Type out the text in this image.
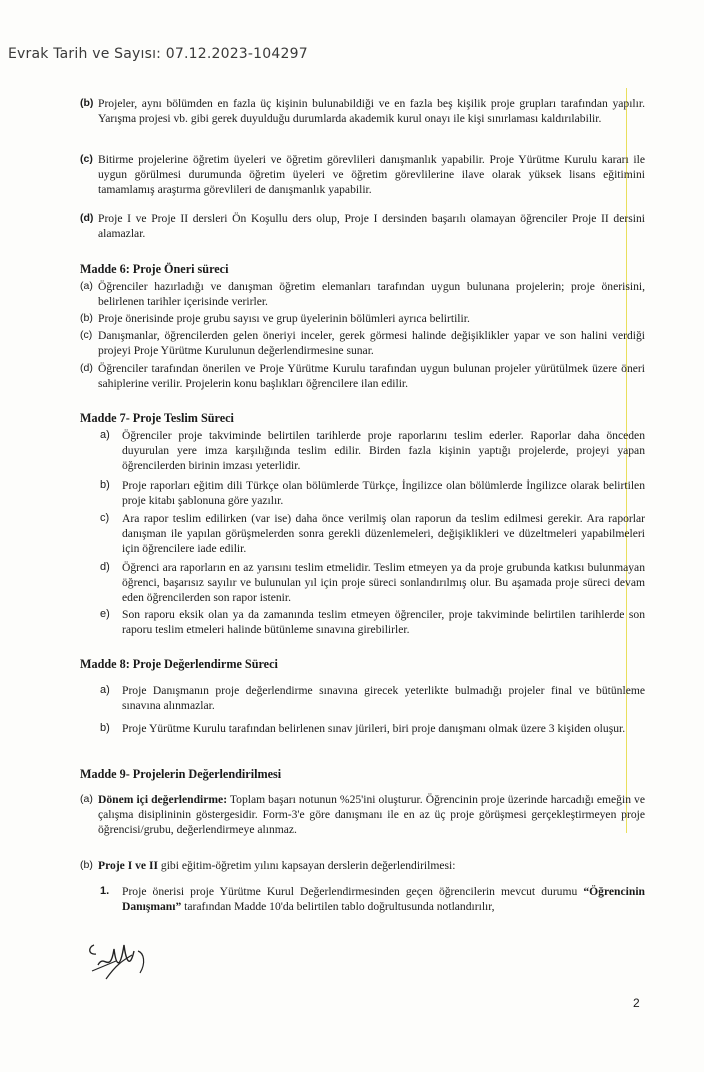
Evrak Tarih ve Sayısı: 07.12.2023-104297
(b) Projeler, aynı bölümden en fazla üç kişinin bulunabildiği ve en fazla beş kişilik proje grupları tarafından yapılır. Yarışma projesi vb. gibi gerek duyulduğu durumlarda akademik kurul onayı ile kişi sınırlaması kaldırılabilir.
(c) Bitirme projelerine öğretim üyeleri ve öğretim görevlileri danışmanlık yapabilir. Proje Yürütme Kurulu kararı ile uygun görülmesi durumunda öğretim üyeleri ve öğretim görevlilerine ilave olarak yüksek lisans eğitimini tamamlamış araştırma görevlileri de danışmanlık yapabilir.
(d) Proje I ve Proje II dersleri Ön Koşullu ders olup, Proje I dersinden başarılı olamayan öğrenciler Proje II dersini alamazlar.
Madde 6: Proje Öneri süreci
(a) Öğrenciler hazırladığı ve danışman öğretim elemanları tarafından uygun bulunana projelerin; proje önerisini, belirlenen tarihler içerisinde verirler.
(b) Proje önerisinde proje grubu sayısı ve grup üyelerinin bölümleri ayrıca belirtilir.
(c) Danışmanlar, öğrencilerden gelen öneriyi inceler, gerek görmesi halinde değişiklikler yapar ve son halini verdiği projeyi Proje Yürütme Kurulunun değerlendirmesine sunar.
(d) Öğrenciler tarafından önerilen ve Proje Yürütme Kurulu tarafından uygun bulunan projeler yürütülmek üzere öneri sahiplerine verilir. Projelerin konu başlıkları öğrencilere ilan edilir.
Madde 7- Proje Teslim Süreci
a) Öğrenciler proje takviminde belirtilen tarihlerde proje raporlarını teslim ederler. Raporlar daha önceden duyurulan yere imza karşılığında teslim edilir. Birden fazla kişinin yaptığı projelerde, projeyi yapan öğrencilerden birinin imzası yeterlidir.
b) Proje raporları eğitim dili Türkçe olan bölümlerde Türkçe, İngilizce olan bölümlerde İngilizce olarak belirtilen proje kitabı şablonuna göre yazılır.
c) Ara rapor teslim edilirken (var ise) daha önce verilmiş olan raporun da teslim edilmesi gerekir. Ara raporlar danışman ile yapılan görüşmelerden sonra gerekli düzenlemeleri, değişiklikleri ve düzeltmeleri yapabilmeleri için öğrencilere iade edilir.
d) Öğrenci ara raporların en az yarısını teslim etmelidir. Teslim etmeyen ya da proje grubunda katkısı bulunmayan öğrenci, başarısız sayılır ve bulunulan yıl için proje süreci sonlandırılmış olur. Bu aşamada proje süreci devam eden öğrencilerden son rapor istenir.
e) Son raporu eksik olan ya da zamanında teslim etmeyen öğrenciler, proje takviminde belirtilen tarihlerde son raporu teslim etmeleri halinde bütünleme sınavına girebilirler.
Madde 8: Proje Değerlendirme Süreci
a) Proje Danışmanın proje değerlendirme sınavına girecek yeterlikte bulmadığı projeler final ve bütünleme sınavına alınmazlar.
b) Proje Yürütme Kurulu tarafından belirlenen sınav jürileri, biri proje danışmanı olmak üzere 3 kişiden oluşur.
Madde 9- Projelerin Değerlendirilmesi
(a) Dönem içi değerlendirme: Toplam başarı notunun %25'ini oluşturur. Öğrencinin proje üzerinde harcadığı emeğin ve çalışma disiplininin göstergesidir. Form-3'e göre danışmanı ile en az üç proje görüşmesi gerçekleştirmeyen proje öğrencisi/grubu, değerlendirmeye alınmaz.
(b) Proje I ve II gibi eğitim-öğretim yılını kapsayan derslerin değerlendirilmesi:
1. Proje önerisi proje Yürütme Kurul Değerlendirmesinden geçen öğrencilerin mevcut durumu “Öğrencinin Danışmanı” tarafından Madde 10'da belirtilen tablo doğrultusunda notlandırılır,
2
